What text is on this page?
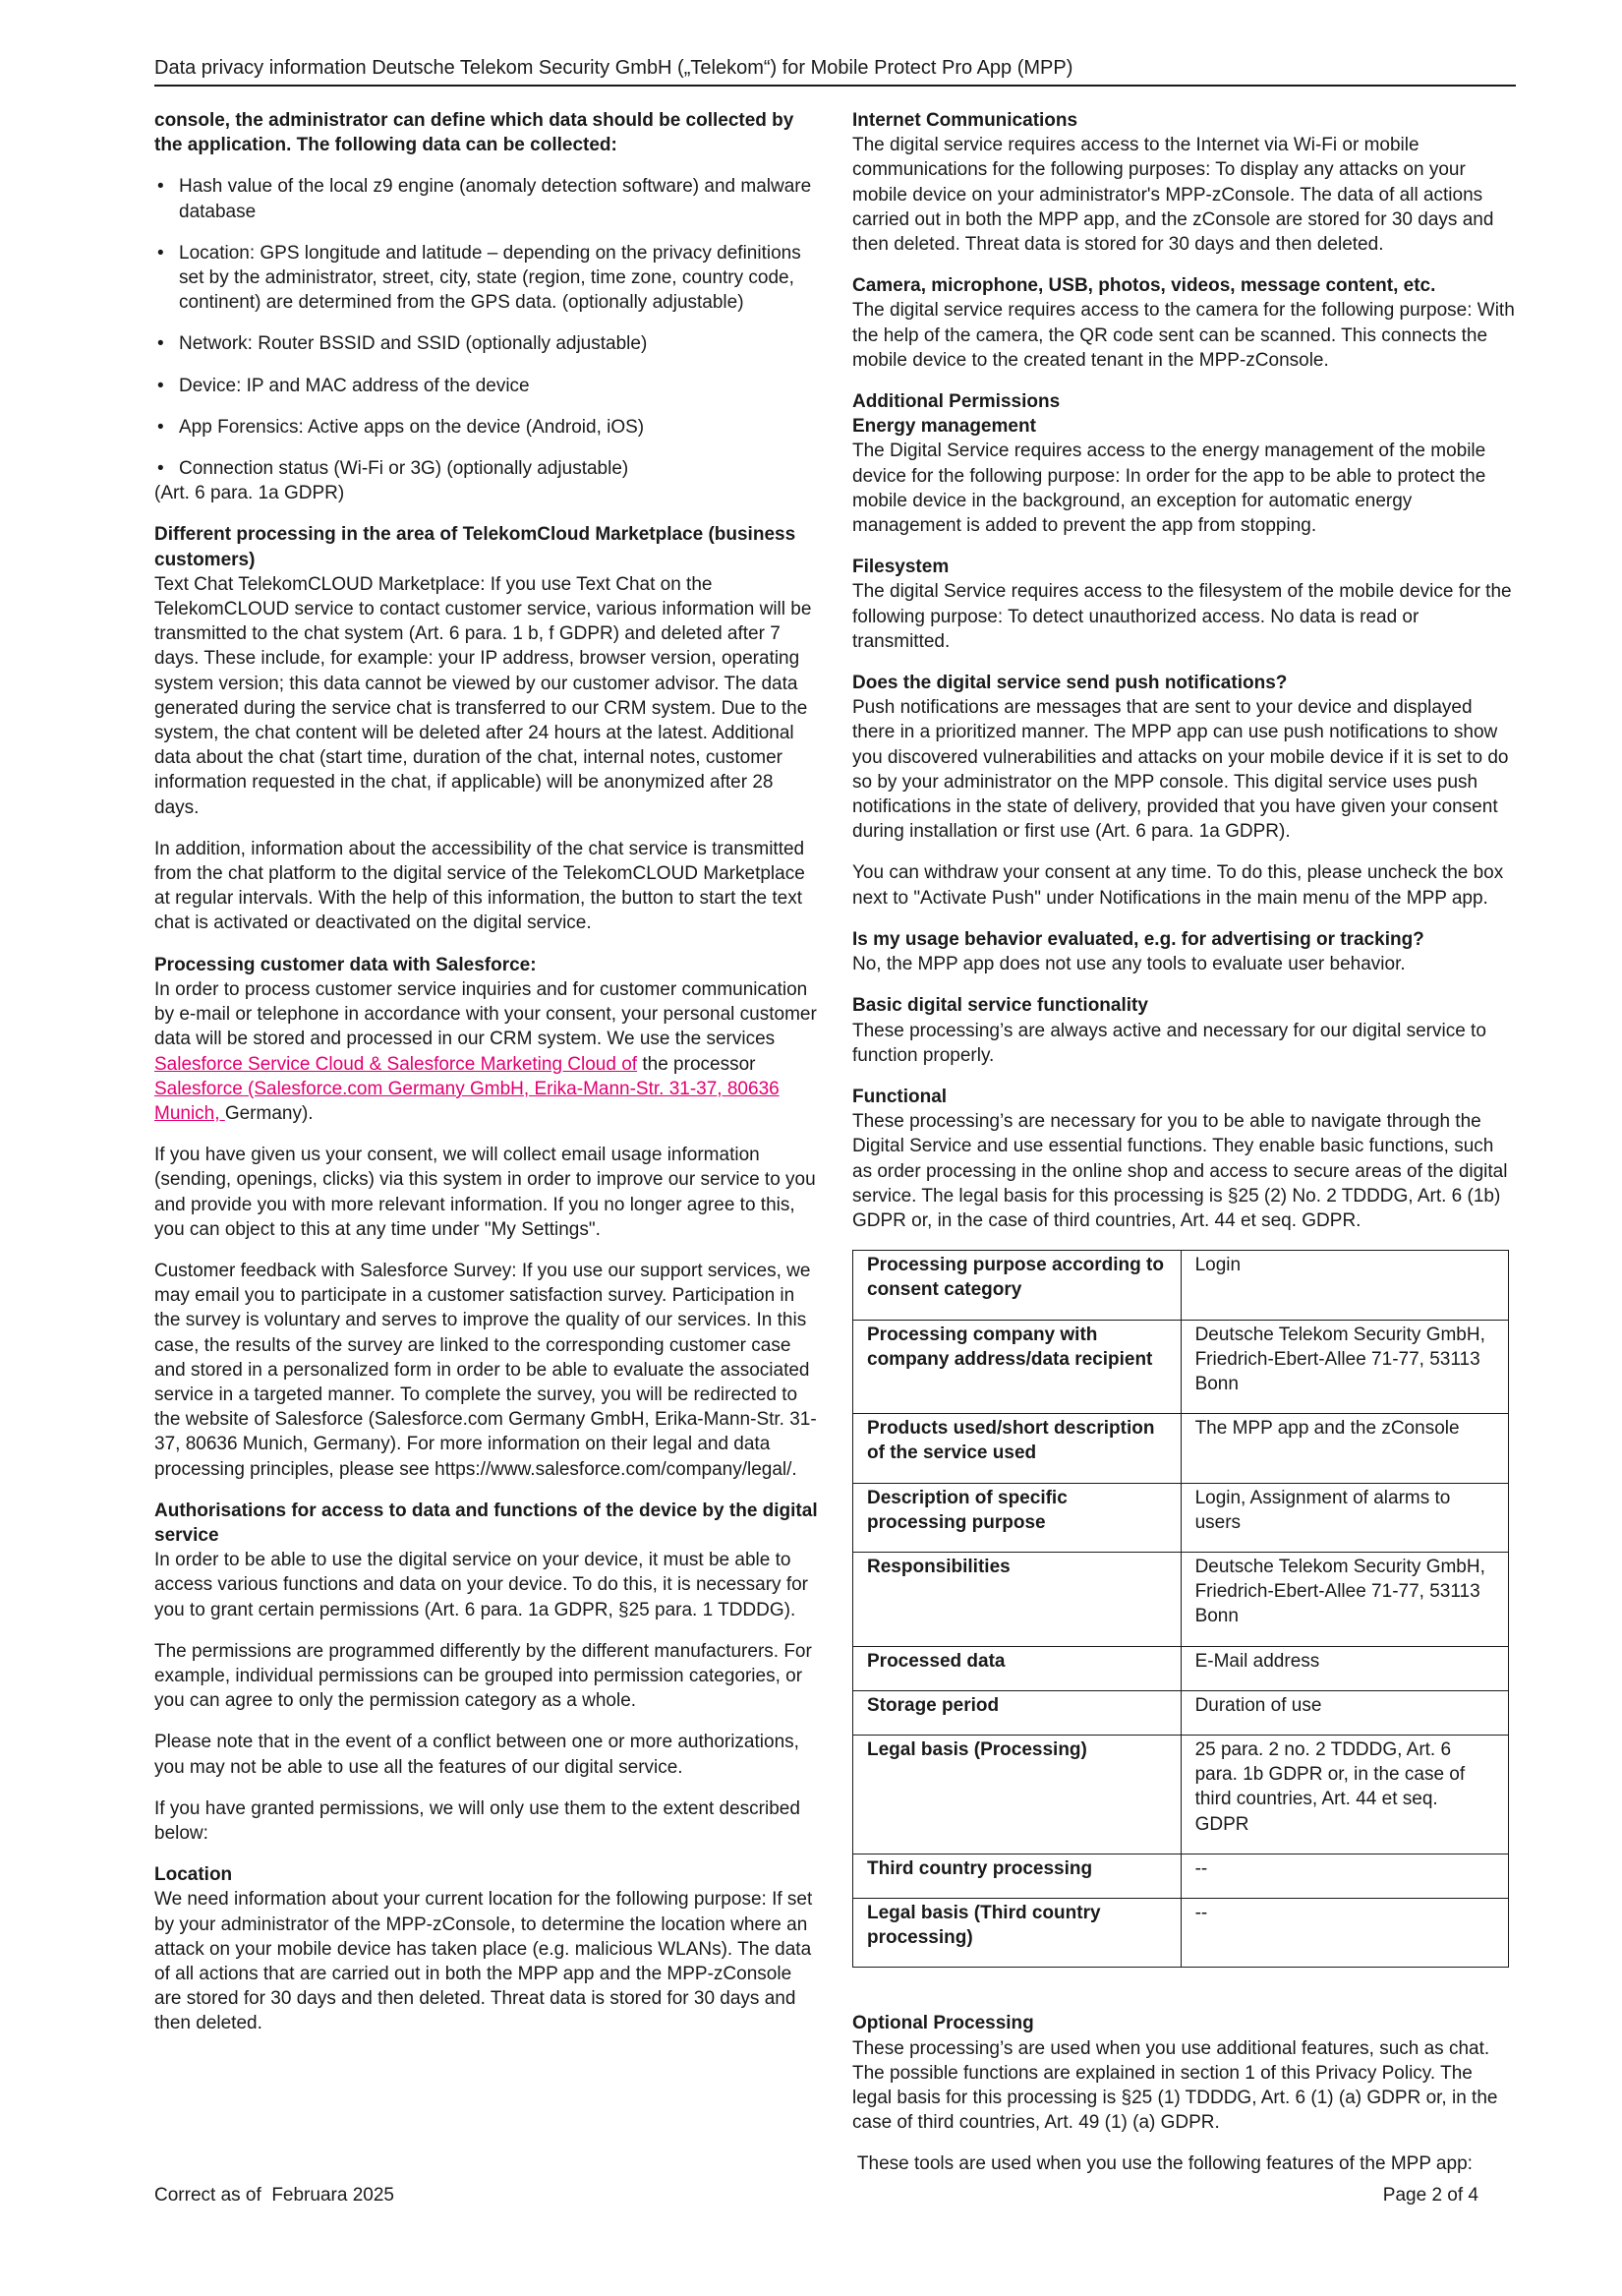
Data privacy information Deutsche Telekom Security GmbH („Telekom“) for Mobile Protect Pro App (MPP)
console, the administrator can define which data should be collected by the application. The following data can be collected:
• Hash value of the local z9 engine (anomaly detection software) and malware database
• Location: GPS longitude and latitude – depending on the privacy definitions set by the administrator, street, city, state (region, time zone, country code, continent) are determined from the GPS data. (optionally adjustable)
• Network: Router BSSID and SSID (optionally adjustable)
• Device: IP and MAC address of the device
• App Forensics: Active apps on the device (Android, iOS)
• Connection status (Wi-Fi or 3G) (optionally adjustable)
(Art. 6 para. 1a GDPR)
Different processing in the area of TelekomCloud Marketplace (business customers)

Text Chat TelekomCLOUD Marketplace: If you use Text Chat on the TelekomCLOUD service to contact customer service, various information will be transmitted to the chat system (Art. 6 para. 1 b, f GDPR) and deleted after 7 days. These include, for example: your IP address, browser version, operating system version; this data cannot be viewed by our customer advisor. The data generated during the service chat is transferred to our CRM system. Due to the system, the chat content will be deleted after 24 hours at the latest. Additional data about the chat (start time, duration of the chat, internal notes, customer information requested in the chat, if applicable) will be anonymized after 28 days.

In addition, information about the accessibility of the chat service is transmitted from the chat platform to the digital service of the TelekomCLOUD Marketplace at regular intervals. With the help of this information, the button to start the text chat is activated or deactivated on the digital service.

Processing customer data with Salesforce:

In order to process customer service inquiries and for customer communication by e-mail or telephone in accordance with your consent, your personal customer data will be stored and processed in our CRM system. We use the services Salesforce Service Cloud & Salesforce Marketing Cloud of the processor Salesforce (Salesforce.com Germany GmbH, Erika-Mann-Str. 31-37, 80636 Munich, Germany).

If you have given us your consent, we will collect email usage information (sending, openings, clicks) via this system in order to improve our service to you and provide you with more relevant information. If you no longer agree to this, you can object to this at any time under "My Settings".

Customer feedback with Salesforce Survey: If you use our support services, we may email you to participate in a customer satisfaction survey. Participation in the survey is voluntary and serves to improve the quality of our services. In this case, the results of the survey are linked to the corresponding customer case and stored in a personalized form in order to be able to evaluate the associated service in a targeted manner. To complete the survey, you will be redirected to the website of Salesforce (Salesforce.com Germany GmbH, Erika-Mann-Str. 31-37, 80636 Munich, Germany). For more information on their legal and data processing principles, please see https://www.salesforce.com/company/legal/.

Authorisations for access to data and functions of the device by the digital service

In order to be able to use the digital service on your device, it must be able to access various functions and data on your device. To do this, it is necessary for you to grant certain permissions (Art. 6 para. 1a GDPR, §25 para. 1 TDDDG).

The permissions are programmed differently by the different manufacturers. For example, individual permissions can be grouped into permission categories, or you can agree to only the permission category as a whole.

Please note that in the event of a conflict between one or more authorizations, you may not be able to use all the features of our digital service.

If you have granted permissions, we will only use them to the extent described below:

Location
We need information about your current location for the following purpose: If set by your administrator of the MPP-zConsole, to determine the location where an attack on your mobile device has taken place (e.g. malicious WLANs). The data of all actions that are carried out in both the MPP app and the MPP-zConsole are stored for 30 days and then deleted. Threat data is stored for 30 days and then deleted.
Internet Communications

The digital service requires access to the Internet via Wi-Fi or mobile communications for the following purposes: To display any attacks on your mobile device on your administrator's MPP-zConsole. The data of all actions carried out in both the MPP app, and the zConsole are stored for 30 days and then deleted. Threat data is stored for 30 days and then deleted.

Camera, microphone, USB, photos, videos, message content, etc.

The digital service requires access to the camera for the following purpose: With the help of the camera, the QR code sent can be scanned. This connects the mobile device to the created tenant in the MPP-zConsole.

Additional Permissions
Energy management

The Digital Service requires access to the energy management of the mobile device for the following purpose: In order for the app to be able to protect the mobile device in the background, an exception for automatic energy management is added to prevent the app from stopping.

Filesystem

The digital Service requires access to the filesystem of the mobile device for the following purpose: To detect unauthorized access. No data is read or transmitted.

Does the digital service send push notifications?

Push notifications are messages that are sent to your device and displayed there in a prioritized manner. The MPP app can use push notifications to show you discovered vulnerabilities and attacks on your mobile device if it is set to do so by your administrator on the MPP console. This digital service uses push notifications in the state of delivery, provided that you have given your consent during installation or first use (Art. 6 para. 1a GDPR).

You can withdraw your consent at any time. To do this, please uncheck the box next to "Activate Push" under Notifications in the main menu of the MPP app.

Is my usage behavior evaluated, e.g. for advertising or tracking?

No, the MPP app does not use any tools to evaluate user behavior.

Basic digital service functionality

These processing’s are always active and necessary for our digital service to function properly.

Functional
These processing’s are necessary for you to be able to navigate through the Digital Service and use essential functions. They enable basic functions, such as order processing in the online shop and access to secure areas of the digital service. The legal basis for this processing is §25 (2) No. 2 TDDDG, Art. 6 (1b) GDPR or, in the case of third countries, Art. 44 et seq. GDPR.
Processing purpose according to consent category	Login
Processing company with company address/data recipient	Deutsche Telekom Security GmbH, Friedrich-Ebert-Allee 71-77, 53113 Bonn
Products used/short description of the service used	The MPP app and the zConsole
Description of specific processing purpose	Login, Assignment of alarms to users
Responsibilities	Deutsche Telekom Security GmbH, Friedrich-Ebert-Allee 71-77, 53113 Bonn
Processed data	E-Mail address
Storage period	Duration of use
Legal basis (Processing)	25 para. 2 no. 2 TDDDG, Art. 6 para. 1b GDPR or, in the case of third countries, Art. 44 et seq. GDPR
Third country processing	--
Legal basis (Third country processing)	--
Optional Processing

These processing’s are used when you use additional features, such as chat. The possible functions are explained in section 1 of this Privacy Policy. The legal basis for this processing is §25 (1) TDDDG, Art. 6 (1) (a) GDPR or, in the case of third countries, Art. 49 (1) (a) GDPR.

These tools are used when you use the following features of the MPP app:
Correct as of  Februara 2025	Page 2 of 4
